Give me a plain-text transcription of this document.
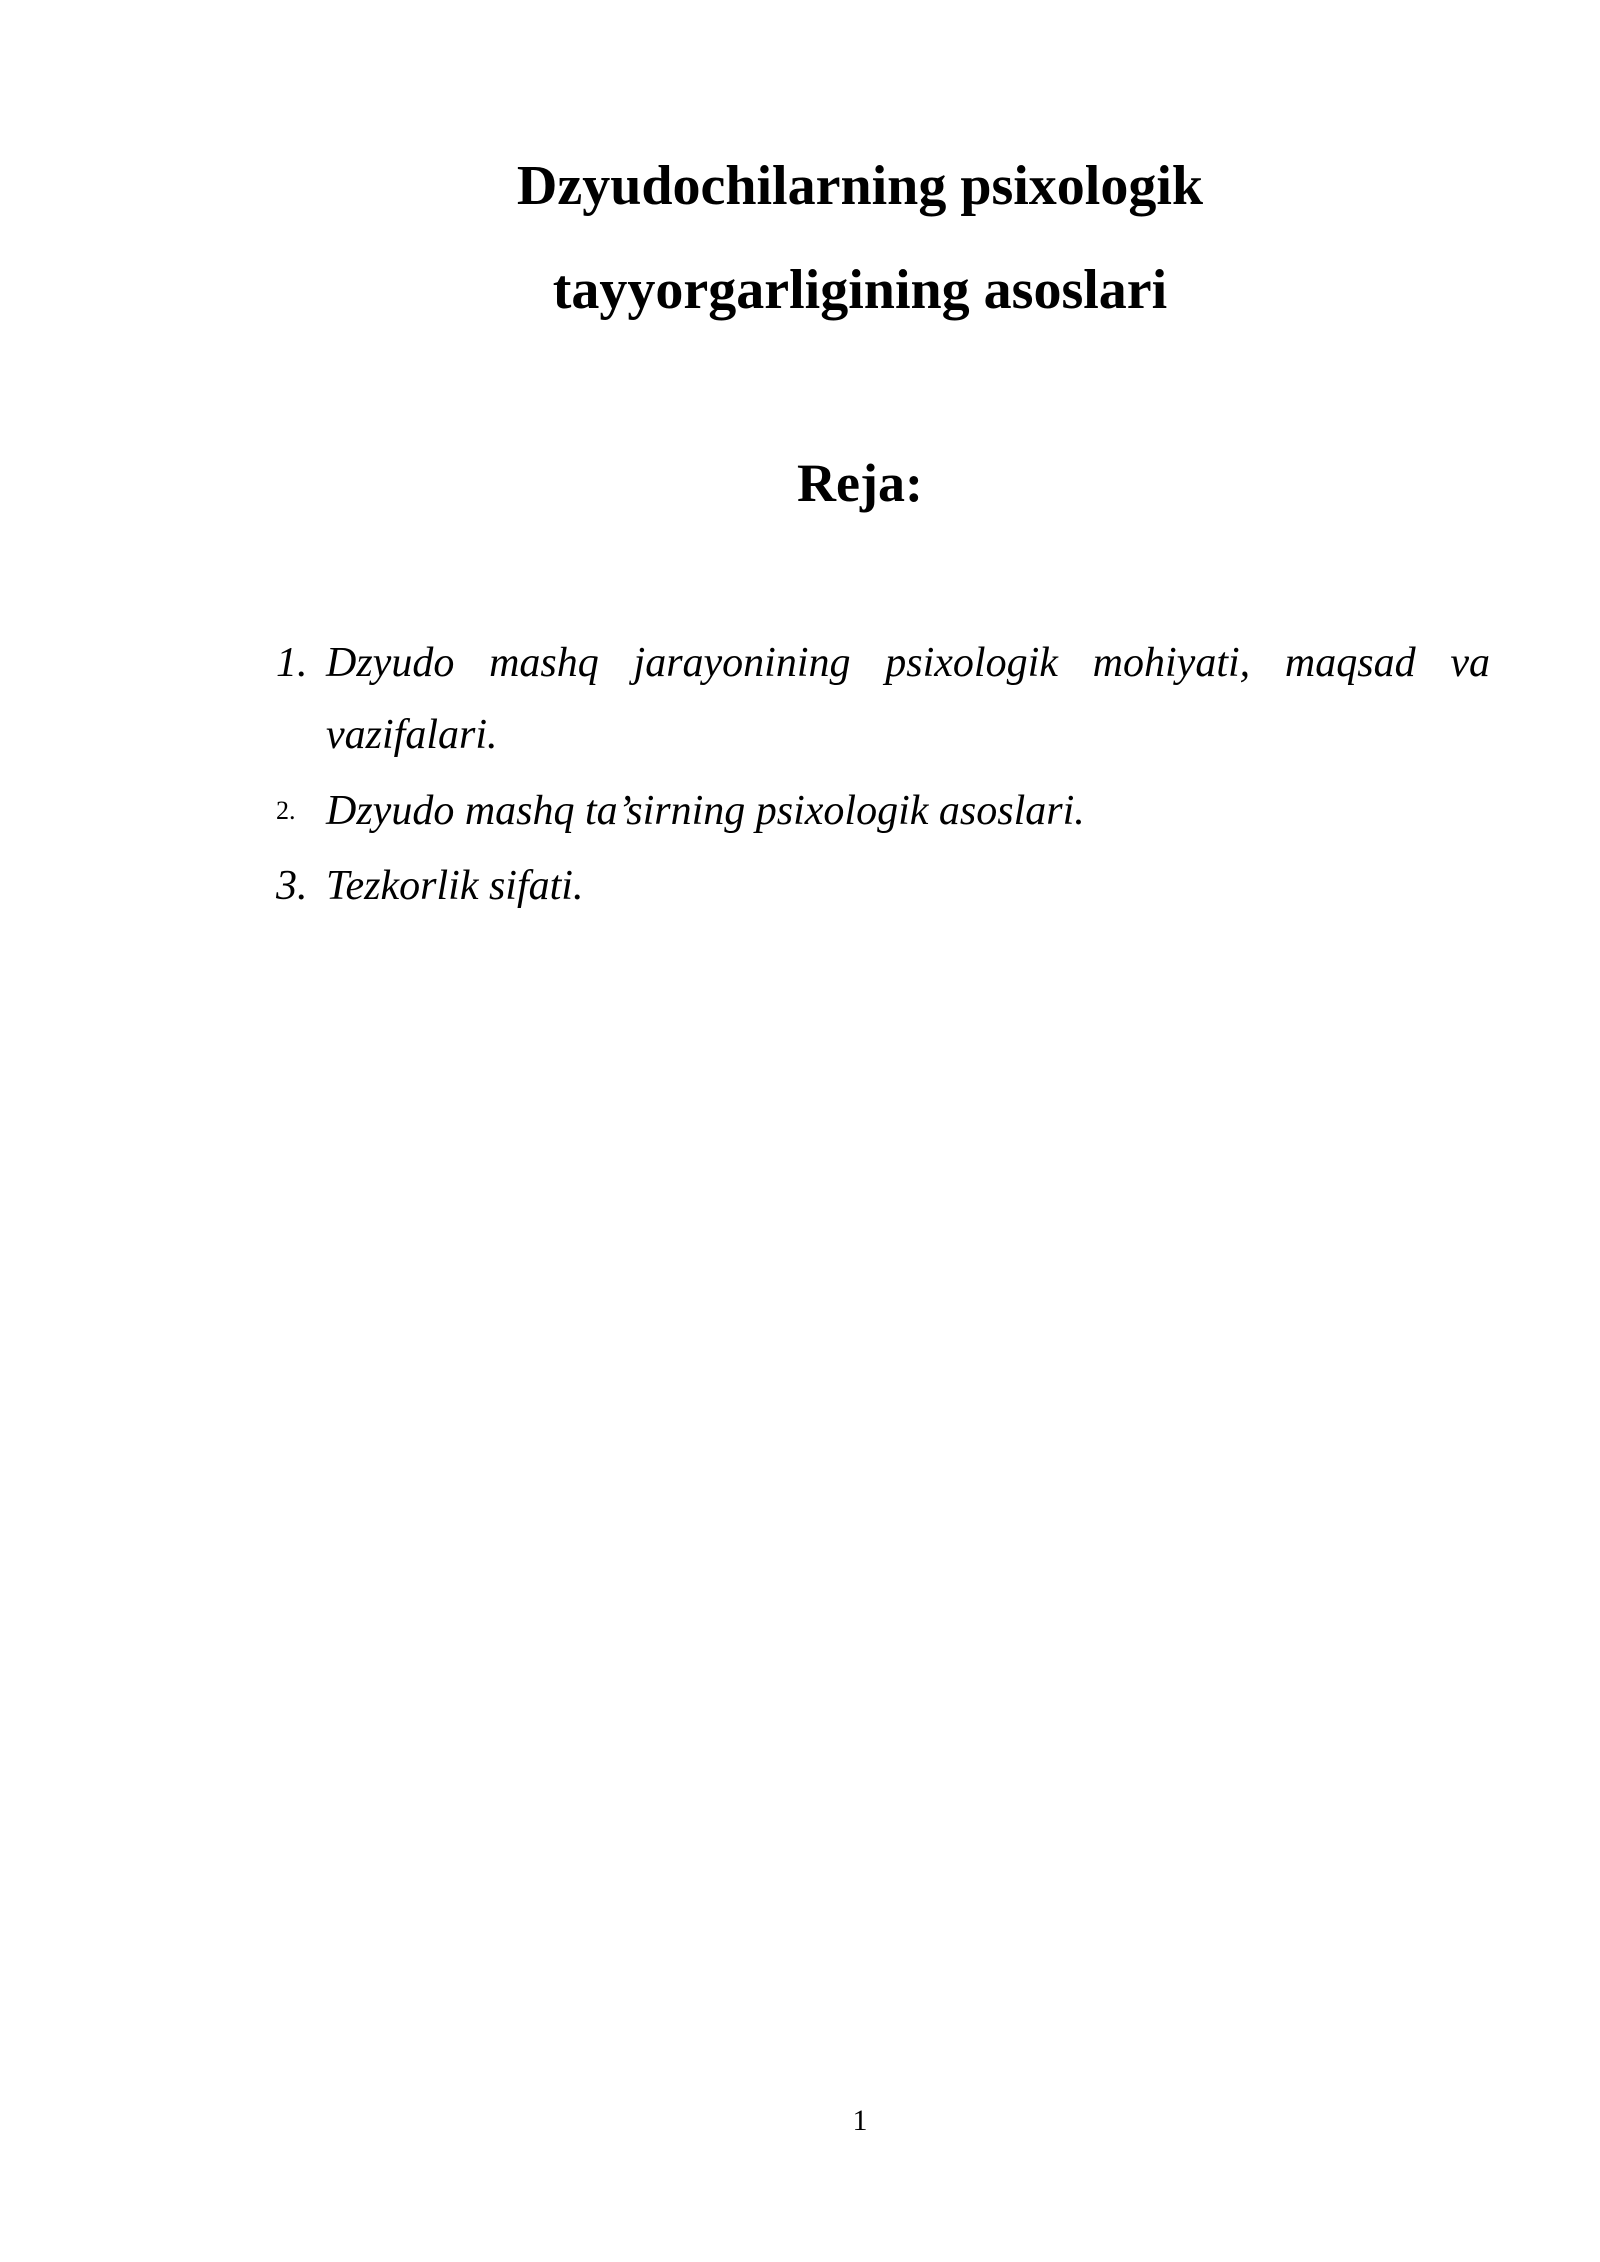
Dzyudochilarning psixologik
tayyorgarligining asoslari
Reja:
1. Dzyudo mashq jarayonining psixologik mohiyati, maqsad va vazifalari.
2. Dzyudo mashq ta’sirning psixologik asoslari.
3. Tezkorlik sifati.
1
